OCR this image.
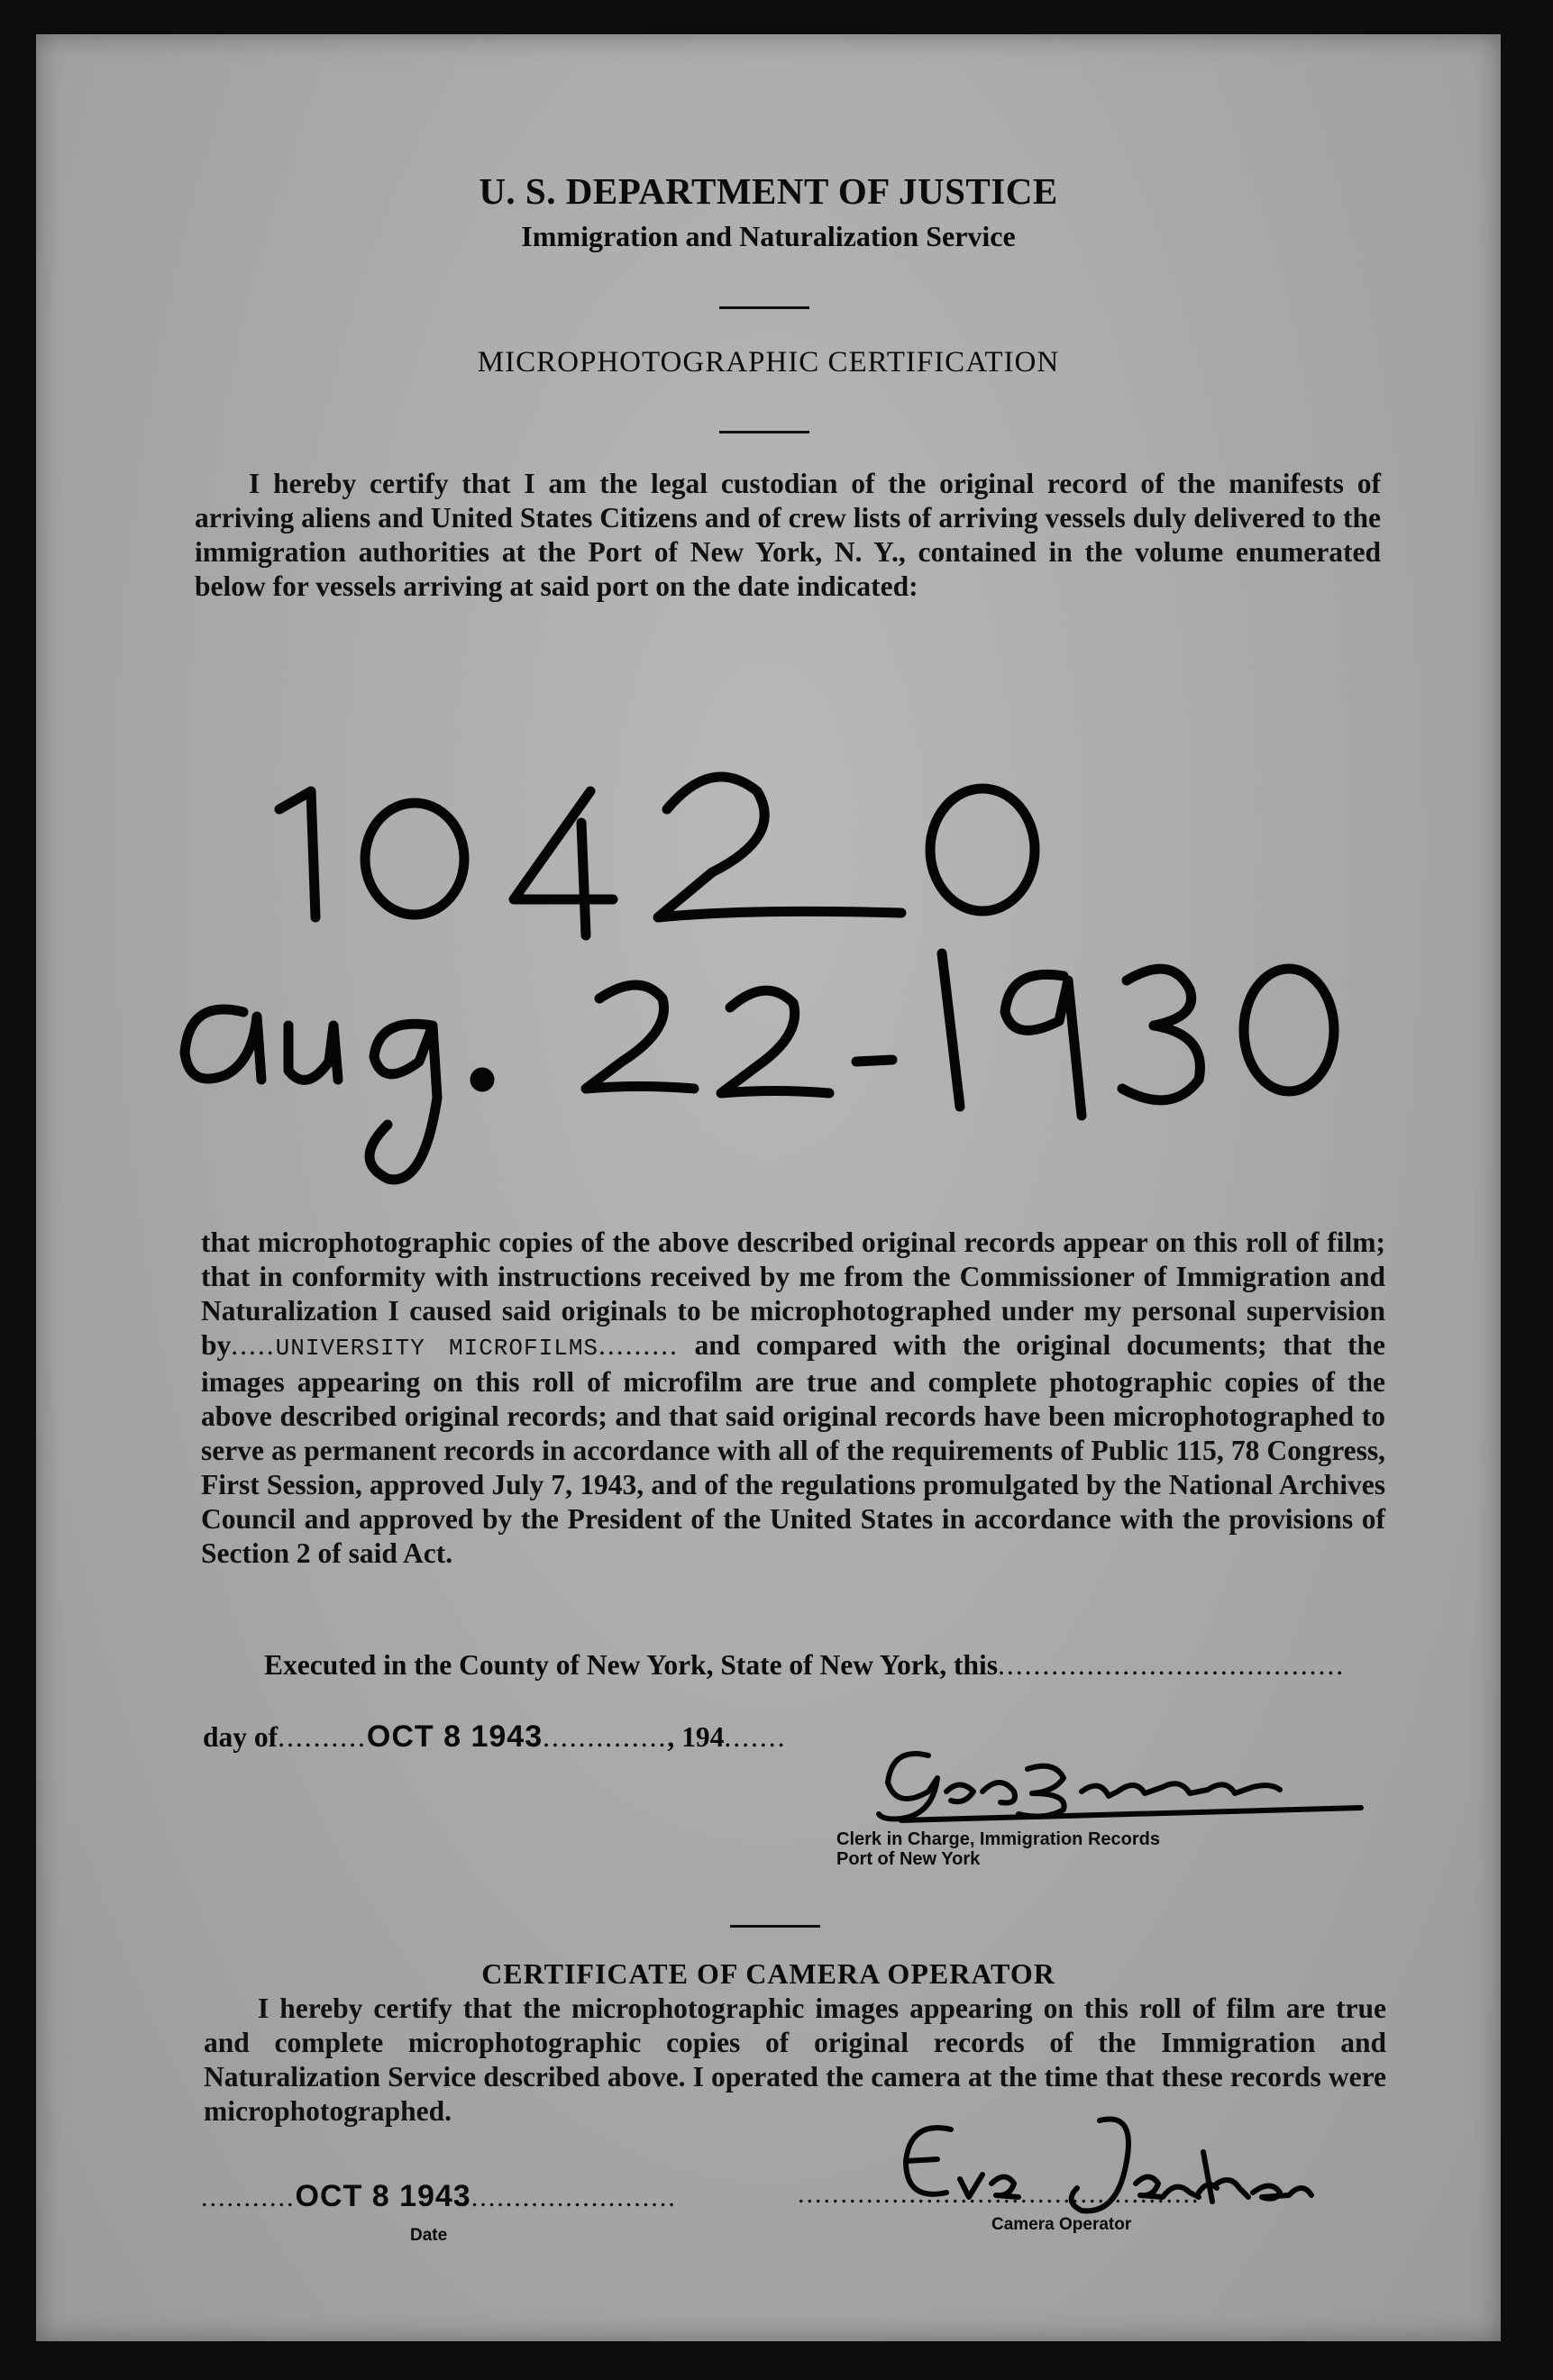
U. S. DEPARTMENT OF JUSTICE
Immigration and Naturalization Service
MICROPHOTOGRAPHIC CERTIFICATION
I hereby certify that I am the legal custodian of the original record of the manifests of arriving aliens and United States Citizens and of crew lists of arriving vessels duly delivered to the immigration authorities at the Port of New York, N. Y., contained in the volume enumerated below for vessels arriving at said port on the date indicated:
that microphotographic copies of the above described original records appear on this roll of film; that in conformity with instructions received by me from the Commissioner of Immigration and Naturalization I caused said originals to be microphotographed under my personal supervision by.....UNIVERSITY MICROFILMS......... and compared with the original documents; that the images appearing on this roll of microfilm are true and complete photographic copies of the above described original records; and that said original records have been microphotographed to serve as permanent records in accordance with all of the requirements of Public 115, 78 Congress, First Session, approved July 7, 1943, and of the regulations promulgated by the National Archives Council and approved by the President of the United States in accordance with the provisions of Section 2 of said Act.
Executed in the County of New York, State of New York, this.......................................
day of..........OCT 8 1943.............., 194.......
Clerk in Charge, Immigration Records
Port of New York
CERTIFICATE OF CAMERA OPERATOR
I hereby certify that the microphotographic images appearing on this roll of film are true and complete microphotographic copies of original records of the Immigration and Naturalization Service described above. I operated the camera at the time that these records were microphotographed.
...........OCT 8 1943........................
Date
...............................................
Camera Operator
